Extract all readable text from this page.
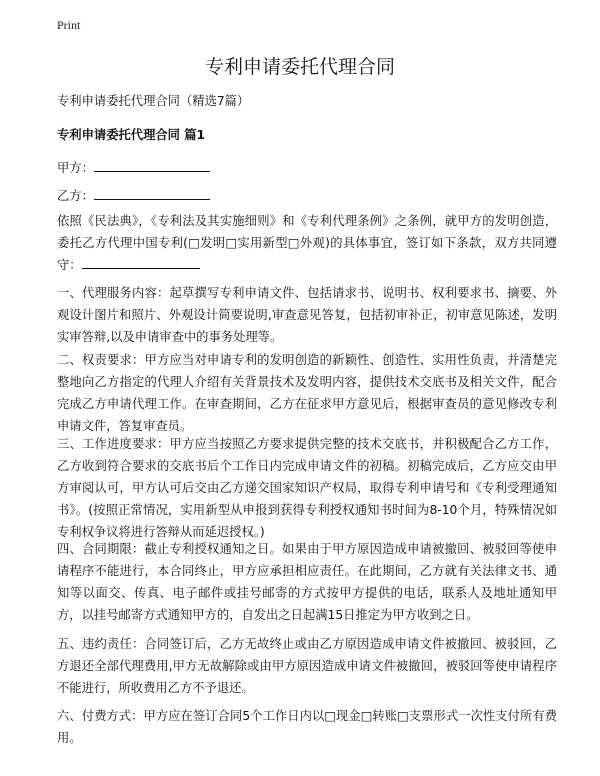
Print
专利申请委托代理合同
专利申请委托代理合同（精选7篇）
专利申请委托代理合同 篇1
甲方：
乙方：
依照《民法典》，《专利法及其实施细则》和《专利代理条例》之条例，就甲方的发明创造，委托乙方代理中国专利(□发明□实用新型□外观)的具体事宜，签订如下条款，双方共同遵守：
一、代理服务内容：起草撰写专利申请文件、包括请求书、说明书、权利要求书、摘要、外观设计图片和照片、外观设计简要说明,审查意见答复，包括初审补正，初审意见陈述，发明实审答辩,以及申请审查中的事务处理等。
二、权责要求：甲方应当对申请专利的发明创造的新颖性、创造性、实用性负责，并清楚完整地向乙方指定的代理人介绍有关背景技术及发明内容，提供技术交底书及相关文件，配合完成乙方申请代理工作。在审查期间，乙方在征求甲方意见后，根据审查员的意见修改专利申请文件，答复审查员。
三、工作进度要求：甲方应当按照乙方要求提供完整的技术交底书，并积极配合乙方工作，乙方收到符合要求的交底书后个工作日内完成申请文件的初稿。初稿完成后，乙方应交由甲方审阅认可，甲方认可后交由乙方递交国家知识产权局，取得专利申请号和《专利受理通知书》。(按照正常情况，实用新型从申报到获得专利授权通知书时间为8-10个月，特殊情况如专利权争议将进行答辩从而延迟授权。)
四、合同期限：截止专利授权通知之日。如果由于甲方原因造成申请被撤回、被驳回等使申请程序不能进行，本合同终止，甲方应承担相应责任。在此期间，乙方就有关法律文书、通知等以面交、传真、电子邮件或挂号邮寄的方式按甲方提供的电话，联系人及地址通知甲方，以挂号邮寄方式通知甲方的，自发出之日起满15日推定为甲方收到之日。
五、违约责任：合同签订后，乙方无故终止或由乙方原因造成申请文件被撤回、被驳回，乙方退还全部代理费用,甲方无故解除或由甲方原因造成申请文件被撤回，被驳回等使申请程序不能进行，所收费用乙方不予退还。
六、付费方式：甲方应在签订合同5个工作日内以□现金□转账□支票形式一次性支付所有费用。
